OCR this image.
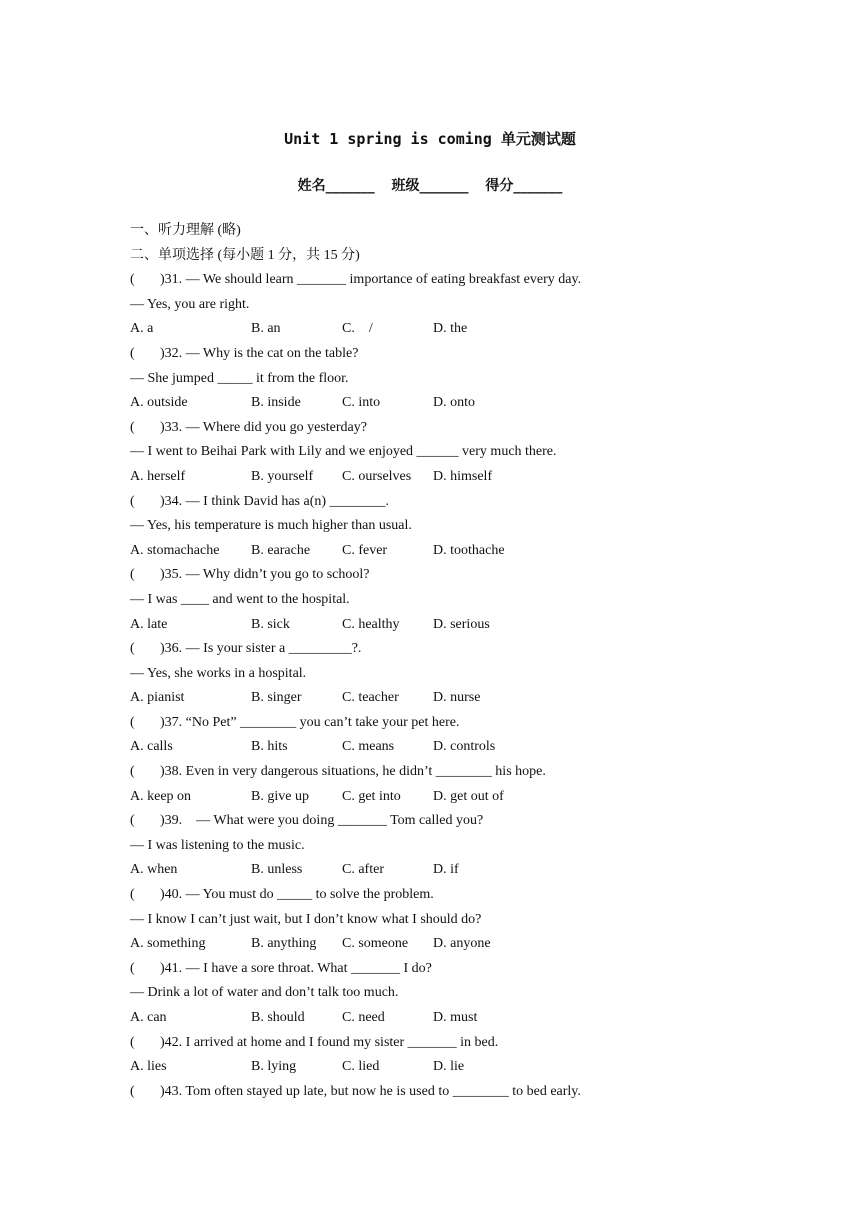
Unit 1 spring is coming 单元测试题
姓名_______ 班级_______ 得分_______
一、听力理解 (略)
二、单项选择 (每小题 1 分，共 15 分)
( )31. — We should learn _______ importance of eating breakfast every day.
— Yes, you are right.
A. a	B. an	C.　/	D. the
( )32. — Why is the cat on the table?
— She jumped _____ it from the floor.
A. outside	B. inside	C. into	D. onto
( )33. — Where did you go yesterday?
— I went to Beihai Park with Lily and we enjoyed ______ very much there.
A. herself	B. yourself C. ourselves D. himself
( )34. — I think David has a(n) ________.
— Yes, his temperature is much higher than usual.
A. stomachache B. earache C. fever	D. toothache
( )35. — Why didn’t you go to school?
— I was ____ and went to the hospital.
A. late	B. sick	C. healthy D. serious
( )36. — Is your sister a _________?.
— Yes, she works in a hospital.
A. pianist	B. singer	C. teacher D. nurse
( )37. “No Pet” ________ you can’t take your pet here.
A. calls	B. hits	C. means	D. controls
( )38. Even in very dangerous situations, he didn’t ________ his hope.
A. keep on	B. give up C. get into D. get out of
( )39.　— What were you doing _______ Tom called you?
— I was listening to the music.
A. when	B. unless	C. after	D. if
( )40. — You must do _____ to solve the problem.
— I know I can’t just wait, but I don’t know what I should do?
A. something	B. anything C. someone D. anyone
( )41. — I have a sore throat. What _______ I do?
— Drink a lot of water and don’t talk too much.
A. can	B. should	C. need	D. must
( )42. I arrived at home and I found my sister _______ in bed.
A. lies	B. lying	C. lied	D. lie
( )43. Tom often stayed up late, but now he is used to ________ to bed early.
